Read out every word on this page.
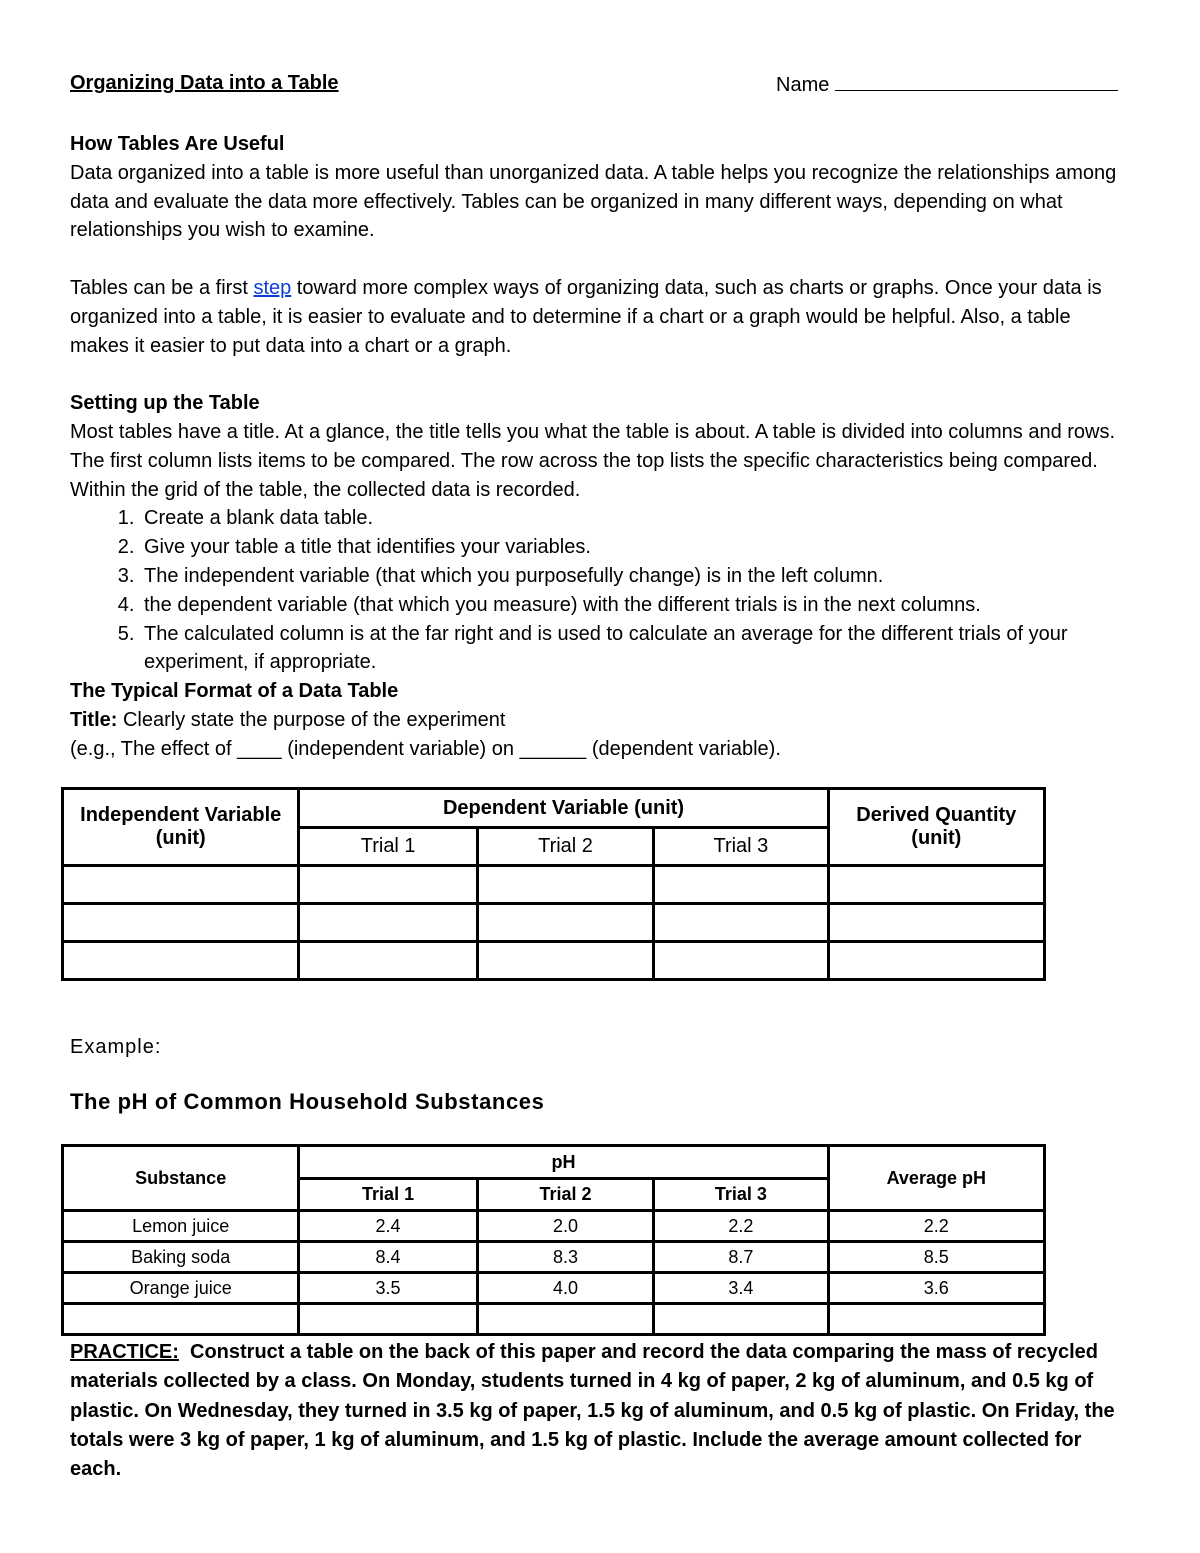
Organizing Data into a Table	Name

How Tables Are Useful

Data organized into a table is more useful than unorganized data. A table helps you recognize the relationships among data and evaluate the data more effectively. Tables can be organized in many different ways, depending on what relationships you wish to examine.

Tables can be a first step toward more complex ways of organizing data, such as charts or graphs. Once your data is organized into a table, it is easier to evaluate and to determine if a chart or a graph would be helpful. Also, a table makes it easier to put data into a chart or a graph.

Setting up the Table

Most tables have a title. At a glance, the title tells you what the table is about. A table is divided into columns and rows. The first column lists items to be compared. The row across the top lists the specific characteristics being compared. Within the grid of the table, the collected data is recorded.

1. Create a blank data table.
2. Give your table a title that identifies your variables.
3. The independent variable (that which you purposefully change) is in the left column.
4. the dependent variable (that which you measure) with the different trials is in the next columns.
5. The calculated column is at the far right and is used to calculate an average for the different trials of your experiment, if appropriate.

The Typical Format of a Data Table

Title: Clearly state the purpose of the experiment

(e.g., The effect of ____ (independent variable) on ______ (dependent variable).

Independent Variable (unit)	Dependent Variable (unit)			Derived Quantity (unit)
	Trial 1	Trial 2	Trial 3	

Example:
The pH of Common Household Substances
Substance	pH			Average pH
	Trial 1	Trial 2	Trial 3	
Lemon juice	2.4	2.0	2.2	2.2
Baking soda	8.4	8.3	8.7	8.5
Orange juice	3.5	4.0	3.4	3.6

PRACTICE:  Construct a table on the back of this paper and record the data comparing the mass of recycled materials collected by a class. On Monday, students turned in 4 kg of paper, 2 kg of aluminum, and 0.5 kg of plastic. On Wednesday, they turned in 3.5 kg of paper, 1.5 kg of aluminum, and 0.5 kg of plastic. On Friday, the totals were 3 kg of paper, 1 kg of aluminum, and 1.5 kg of plastic. Include the average amount collected for each.
